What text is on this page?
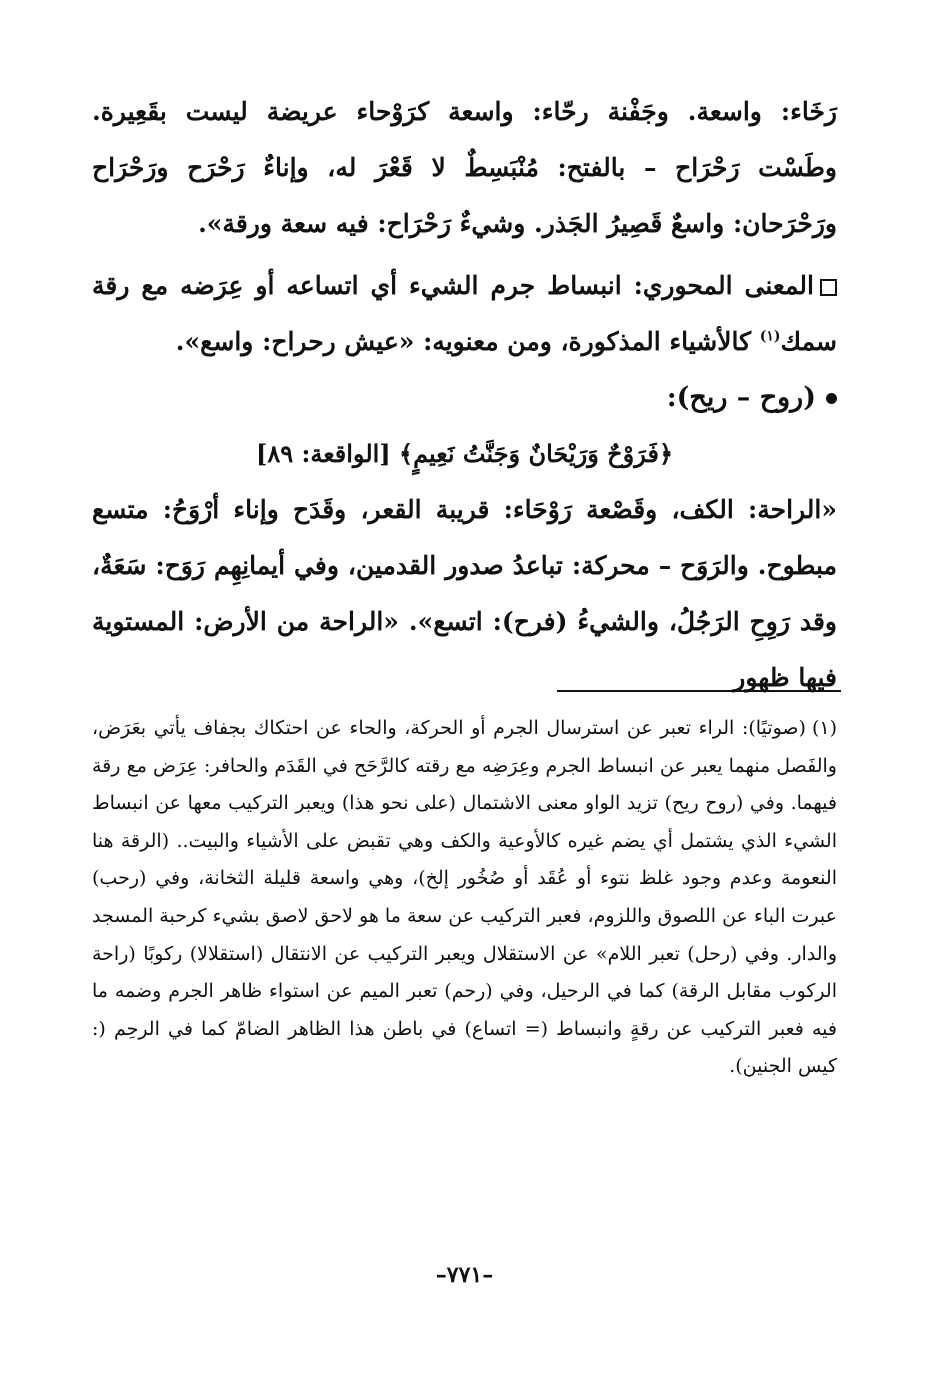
رَخَاء: واسعة. وجَفْنة رحّاء: واسعة كرَوْحاء عريضة ليست بقَعِيرة. وطَسْت رَحْرَاح – بالفتح: مُنْبَسِطٌ لا قَعْرَ له، وإناءٌ رَحْرَح ورَحْرَاح ورَحْرَحان: واسعٌ قَصِيرُ الجَذر. وشيءٌ رَحْرَاح: فيه سعة ورقة».

المعنى المحوري: انبساط جرم الشيء أي اتساعه أو عِرَضه مع رقة سمك$^{(١)}$ كالأشياء المذكورة، ومن معنويه: «عيش رحراح: واسع».

(روح – ريح):

﴿فَرَوْحٌ وَرَيْحَانٌ وَجَنَّتُ نَعِيمٍ﴾ [الواقعة: ٨٩]

«الراحة: الكف، وقَصْعة رَوْحَاء: قريبة القعر، وقَدَح وإناء أرْوَحُ: متسع مبطوح. والرَوَح – محركة: تباعدُ صدور القدمين، وفي أيمانِهِم رَوَح: سَعَةٌ، وقد رَوِحِ الرَجُلُ، والشيءُ (فرح): اتسع». «الراحة من الأرض: المستوية فيها ظهور

(١)(صوتيًا): الراء تعبر عن استرسال الجرم أو الحركة، والحاء عن احتكاك بجفاف يأتي بعَرَض، والفَصل منهما يعبر عن انبساط الجرم وعِرَضِه مع رقته كالرَّحَح في القَدَم والحافر: عِرَض مع رقة فيهما. وفي (روح ريح) تزيد الواو معنى الاشتمال (على نحو هذا) ويعبر التركيب معها عن انبساط الشيء الذي يشتمل أي يضم غيره كالأوعية والكف وهي تقبض على الأشياء والبيت.. (الرقة هنا النعومة وعدم وجود غلظ نتوء أو عُقَد أو صُخُور إلخ)، وهي واسعة قليلة الثخانة، وفي (رحب) عبرت الباء عن اللصوق واللزوم، فعبر التركيب عن سعة ما هو لاحق لاصق بشيء كرحبة المسجد والدار. وفي (رحل) تعبر اللام» عن الاستقلال ويعبر التركيب عن الانتقال (استقلالا) ركوبًا (راحة الركوب مقابل الرقة) كما في الرحيل، وفي (رحم) تعبر الميم عن استواء ظاهر الجرم وضمه ما فيه فعبر التركيب عن رقةٍ وانبساط (= اتساع) في باطن هذا الظاهر الضامّ كما في الرحِم (: كيس الجنين).
–٧٧١–
